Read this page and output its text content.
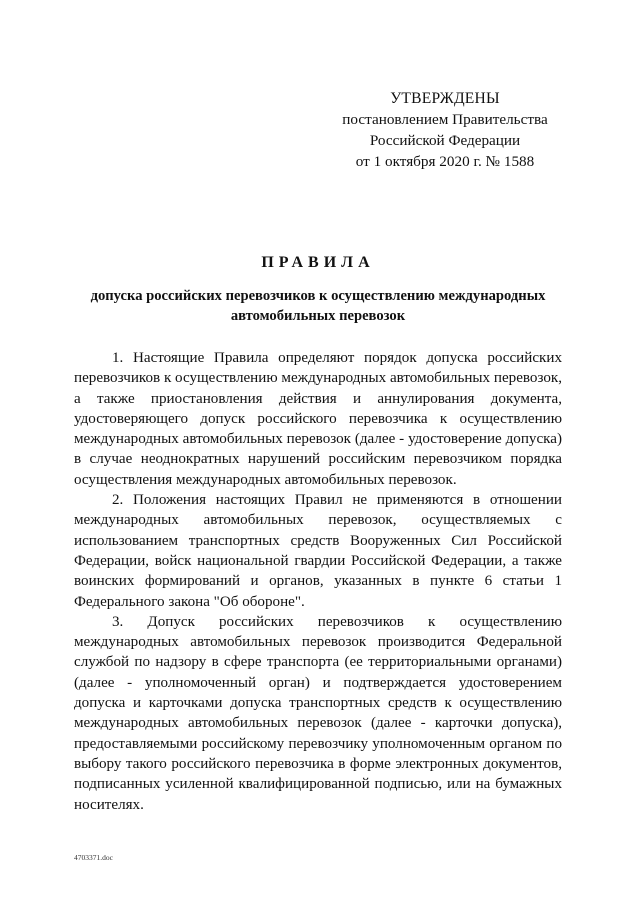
УТВЕРЖДЕНЫ
постановлением Правительства
Российской Федерации
от 1 октября 2020 г. № 1588
ПРАВИЛА
допуска российских перевозчиков к осуществлению международных автомобильных перевозок

1. Настоящие Правила определяют порядок допуска российских перевозчиков к осуществлению международных автомобильных перевозок, а также приостановления действия и аннулирования документа, удостоверяющего допуск российского перевозчика к осуществлению международных автомобильных перевозок (далее - удостоверение допуска) в случае неоднократных нарушений российским перевозчиком порядка осуществления международных автомобильных перевозок.

2. Положения настоящих Правил не применяются в отношении международных автомобильных перевозок, осуществляемых с использованием транспортных средств Вооруженных Сил Российской Федерации, войск национальной гвардии Российской Федерации, а также воинских формирований и органов, указанных в пункте 6 статьи 1 Федерального закона "Об обороне".

3. Допуск российских перевозчиков к осуществлению международных автомобильных перевозок производится Федеральной службой по надзору в сфере транспорта (ее территориальными органами) (далее - уполномоченный орган) и подтверждается удостоверением допуска и карточками допуска транспортных средств к осуществлению международных автомобильных перевозок (далее - карточки допуска), предоставляемыми российскому перевозчику уполномоченным органом по выбору такого российского перевозчика в форме электронных документов, подписанных усиленной квалифицированной подписью, или на бумажных носителях.

4703371.doc
